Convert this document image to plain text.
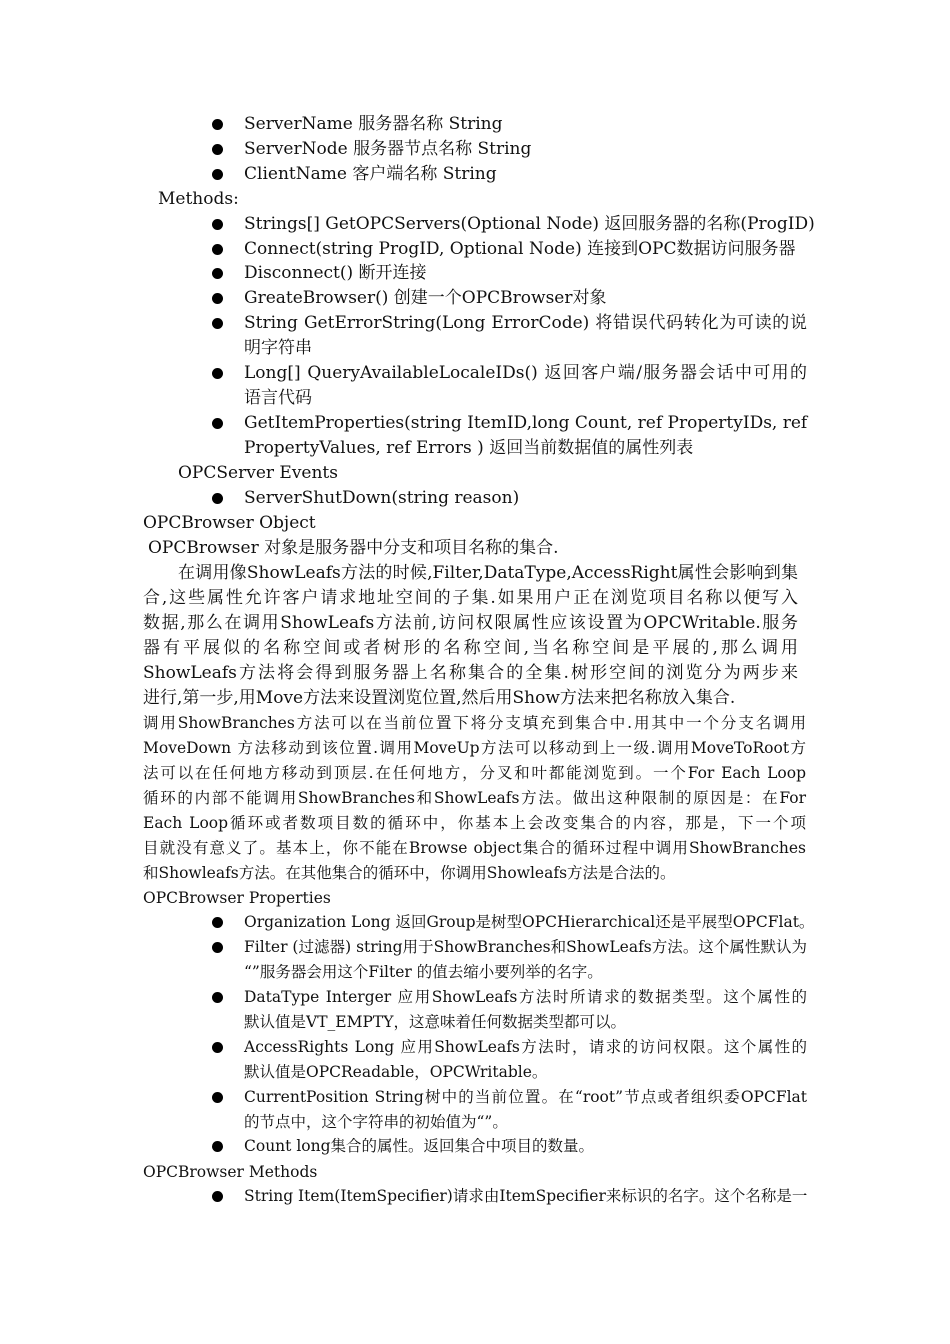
ServerName 服务器名称 String
ServerNode 服务器节点名称 String
ClientName 客户端名称 String
Methods:
Strings[] GetOPCServers(Optional Node) 返回服务器的名称(ProgID)
Connect(string ProgID, Optional Node) 连接到OPC数据访问服务器
Disconnect() 断开连接
GreateBrowser() 创建一个OPCBrowser对象
String GetErrorString(Long ErrorCode) 将错误代码转化为可读的说
明字符串
Long[] QueryAvailableLocaleIDs() 返回客户端/服务器会话中可用的
语言代码
GetItemProperties(string ItemID,long Count, ref PropertyIDs, ref
PropertyValues, ref Errors ) 返回当前数据值的属性列表
OPCServer Events
ServerShutDown(string reason)
OPCBrowser Object
OPCBrowser 对象是服务器中分支和项目名称的集合.
在调用像ShowLeafs方法的时候,Filter,DataType,AccessRight属性会影响到集
合,这些属性允许客户请求地址空间的子集.如果用户正在浏览项目名称以便写入
数据,那么在调用ShowLeafs方法前,访问权限属性应该设置为OPCWritable.服务
器有平展似的名称空间或者树形的名称空间,当名称空间是平展的,那么调用
ShowLeafs方法将会得到服务器上名称集合的全集.树形空间的浏览分为两步来
进行,第一步,用Move方法来设置浏览位置,然后用Show方法来把名称放入集合.
调用ShowBranches方法可以在当前位置下将分支填充到集合中.用其中一个分支名调用
MoveDown 方法移动到该位置.调用MoveUp方法可以移动到上一级.调用MoveToRoot方
法可以在任何地方移动到顶层.在任何地方，分叉和叶都能浏览到。一个For Each Loop
循环的内部不能调用ShowBranches和ShowLeafs方法。做出这种限制的原因是：在For
Each Loop循环或者数项目数的循环中，你基本上会改变集合的内容，那是，下一个项
目就没有意义了。基本上，你不能在Browse object集合的循环过程中调用ShowBranches
和Showleafs方法。在其他集合的循环中，你调用Showleafs方法是合法的。
OPCBrowser Properties
Organization Long 返回Group是树型OPCHierarchical还是平展型OPCFlat。
Filter (过滤器) string用于ShowBranches和ShowLeafs方法。这个属性默认为
“”服务器会用这个Filter 的值去缩小要列举的名字。
DataType Interger 应用ShowLeafs方法时所请求的数据类型。这个属性的
默认值是VT_EMPTY，这意味着任何数据类型都可以。
AccessRights Long 应用ShowLeafs方法时，请求的访问权限。这个属性的
默认值是OPCReadable，OPCWritable。
CurrentPosition String树中的当前位置。在“root”节点或者组织委OPCFlat
的节点中，这个字符串的初始值为“”。
Count long集合的属性。返回集合中项目的数量。
OPCBrowser Methods
String Item(ItemSpecifier)请求由ItemSpecifier来标识的名字。这个名称是一
